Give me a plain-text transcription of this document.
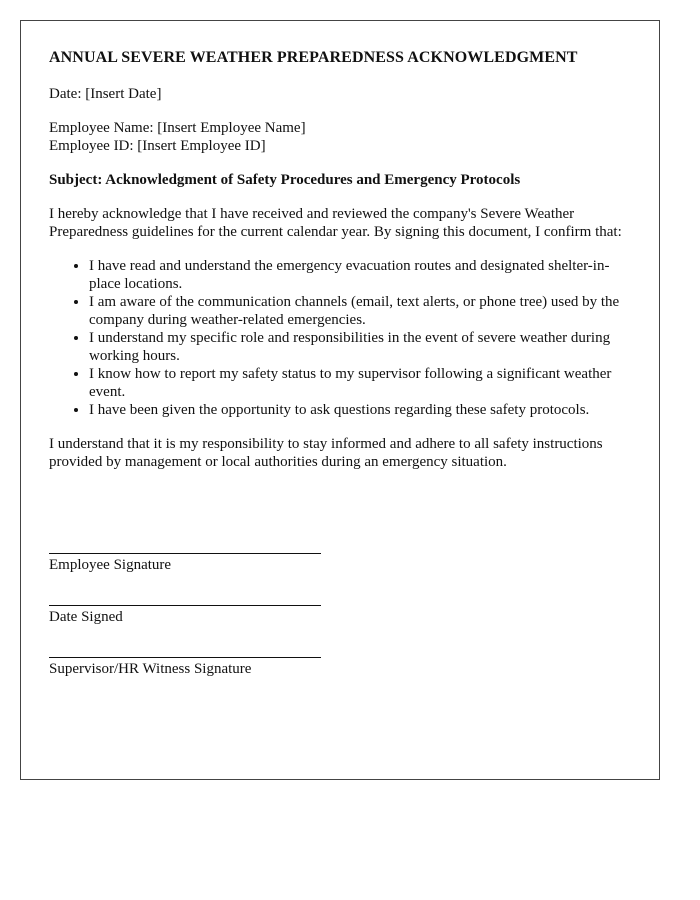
ANNUAL SEVERE WEATHER PREPAREDNESS ACKNOWLEDGMENT

Date: [Insert Date]

Employee Name: [Insert Employee Name]

Employee ID: [Insert Employee ID]

Subject: Acknowledgment of Safety Procedures and Emergency Protocols

I hereby acknowledge that I have received and reviewed the company's Severe Weather Preparedness guidelines for the current calendar year. By signing this document, I confirm that:

• I have read and understand the emergency evacuation routes and designated shelter-in-place locations.
• I am aware of the communication channels (email, text alerts, or phone tree) used by the company during weather-related emergencies.
• I understand my specific role and responsibilities in the event of severe weather during working hours.
• I know how to report my safety status to my supervisor following a significant weather event.
• I have been given the opportunity to ask questions regarding these safety protocols.

I understand that it is my responsibility to stay informed and adhere to all safety instructions provided by management or local authorities during an emergency situation.

Employee Signature
Date Signed
Supervisor/HR Witness Signature
